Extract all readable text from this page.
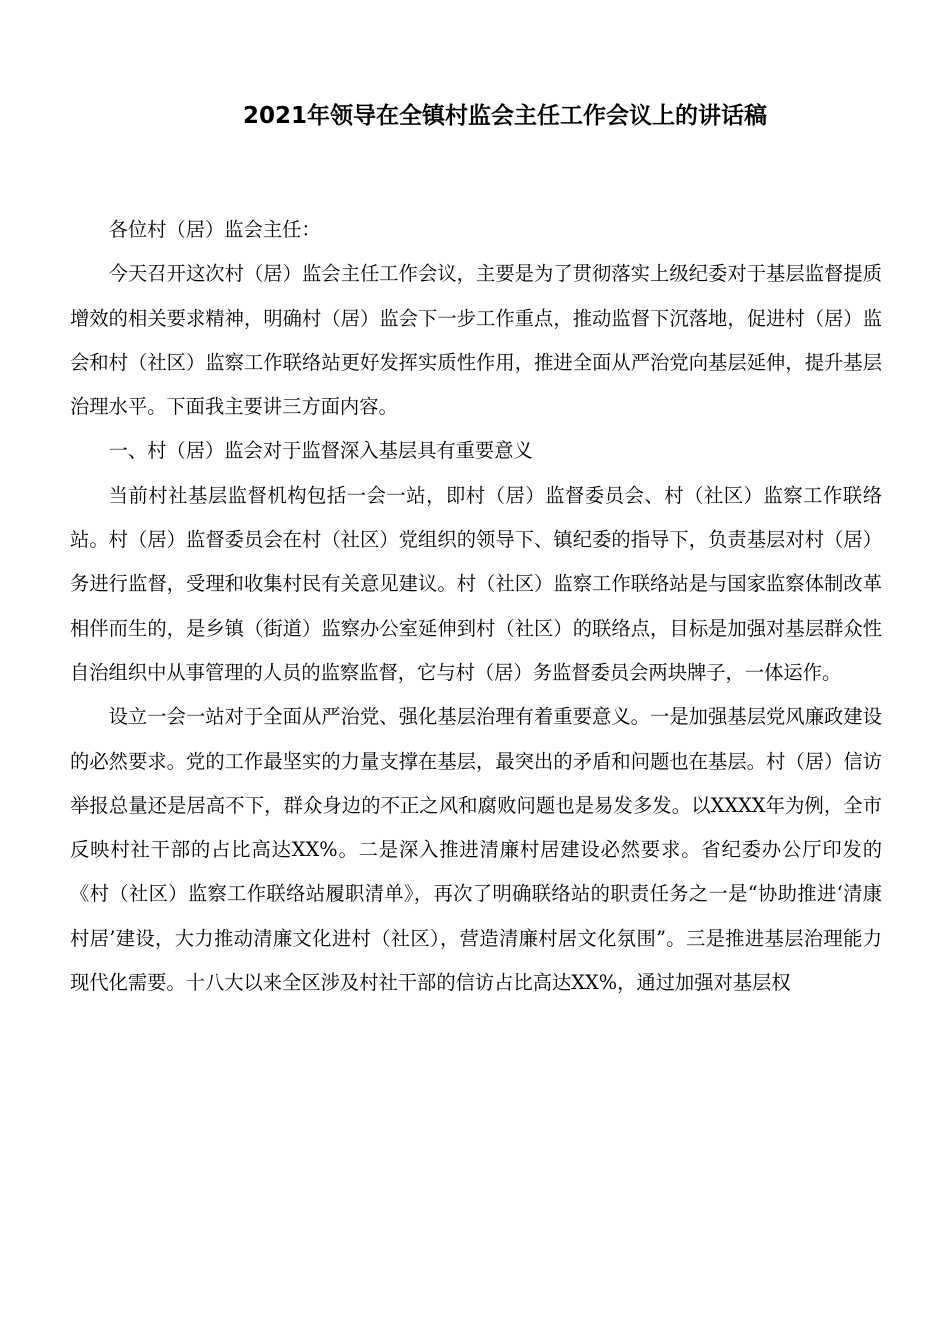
2021年领导在全镇村监会主任工作会议上的讲话稿

各位村（居）监会主任：

今天召开这次村（居）监会主任工作会议，主要是为了贯彻落实上级纪委对于基层监督提质增效的相关要求精神，明确村（居）监会下一步工作重点，推动监督下沉落地，促进村（居）监会和村（社区）监察工作联络站更好发挥实质性作用，推进全面从严治党向基层延伸，提升基层治理水平。下面我主要讲三方面内容。

一、村（居）监会对于监督深入基层具有重要意义

当前村社基层监督机构包括一会一站，即村（居）监督委员会、村（社区）监察工作联络站。村（居）监督委员会在村（社区）党组织的领导下、镇纪委的指导下，负责基层对村（居）务进行监督，受理和收集村民有关意见建议。村（社区）监察工作联络站是与国家监察体制改革相伴而生的，是乡镇（街道）监察办公室延伸到村（社区）的联络点，目标是加强对基层群众性自治组织中从事管理的人员的监察监督，它与村（居）务监督委员会两块牌子，一体运作。

设立一会一站对于全面从严治党、强化基层治理有着重要意义。一是加强基层党风廉政建设的必然要求。党的工作最坚实的力量支撑在基层，最突出的矛盾和问题也在基层。村（居）信访举报总量还是居高不下，群众身边的不正之风和腐败问题也是易发多发。以XXXX年为例，全市反映村社干部的占比高达XX%。二是深入推进清廉村居建设必然要求。省纪委办公厅印发的《村（社区）监察工作联络站履职清单》，再次了明确联络站的职责任务之一是“协助推进‘清康村居’建设，大力推动清廉文化进村（社区），营造清廉村居文化氛围”。三是推进基层治理能力现代化需要。十八大以来全区涉及村社干部的信访占比高达XX%，通过加强对基层权
